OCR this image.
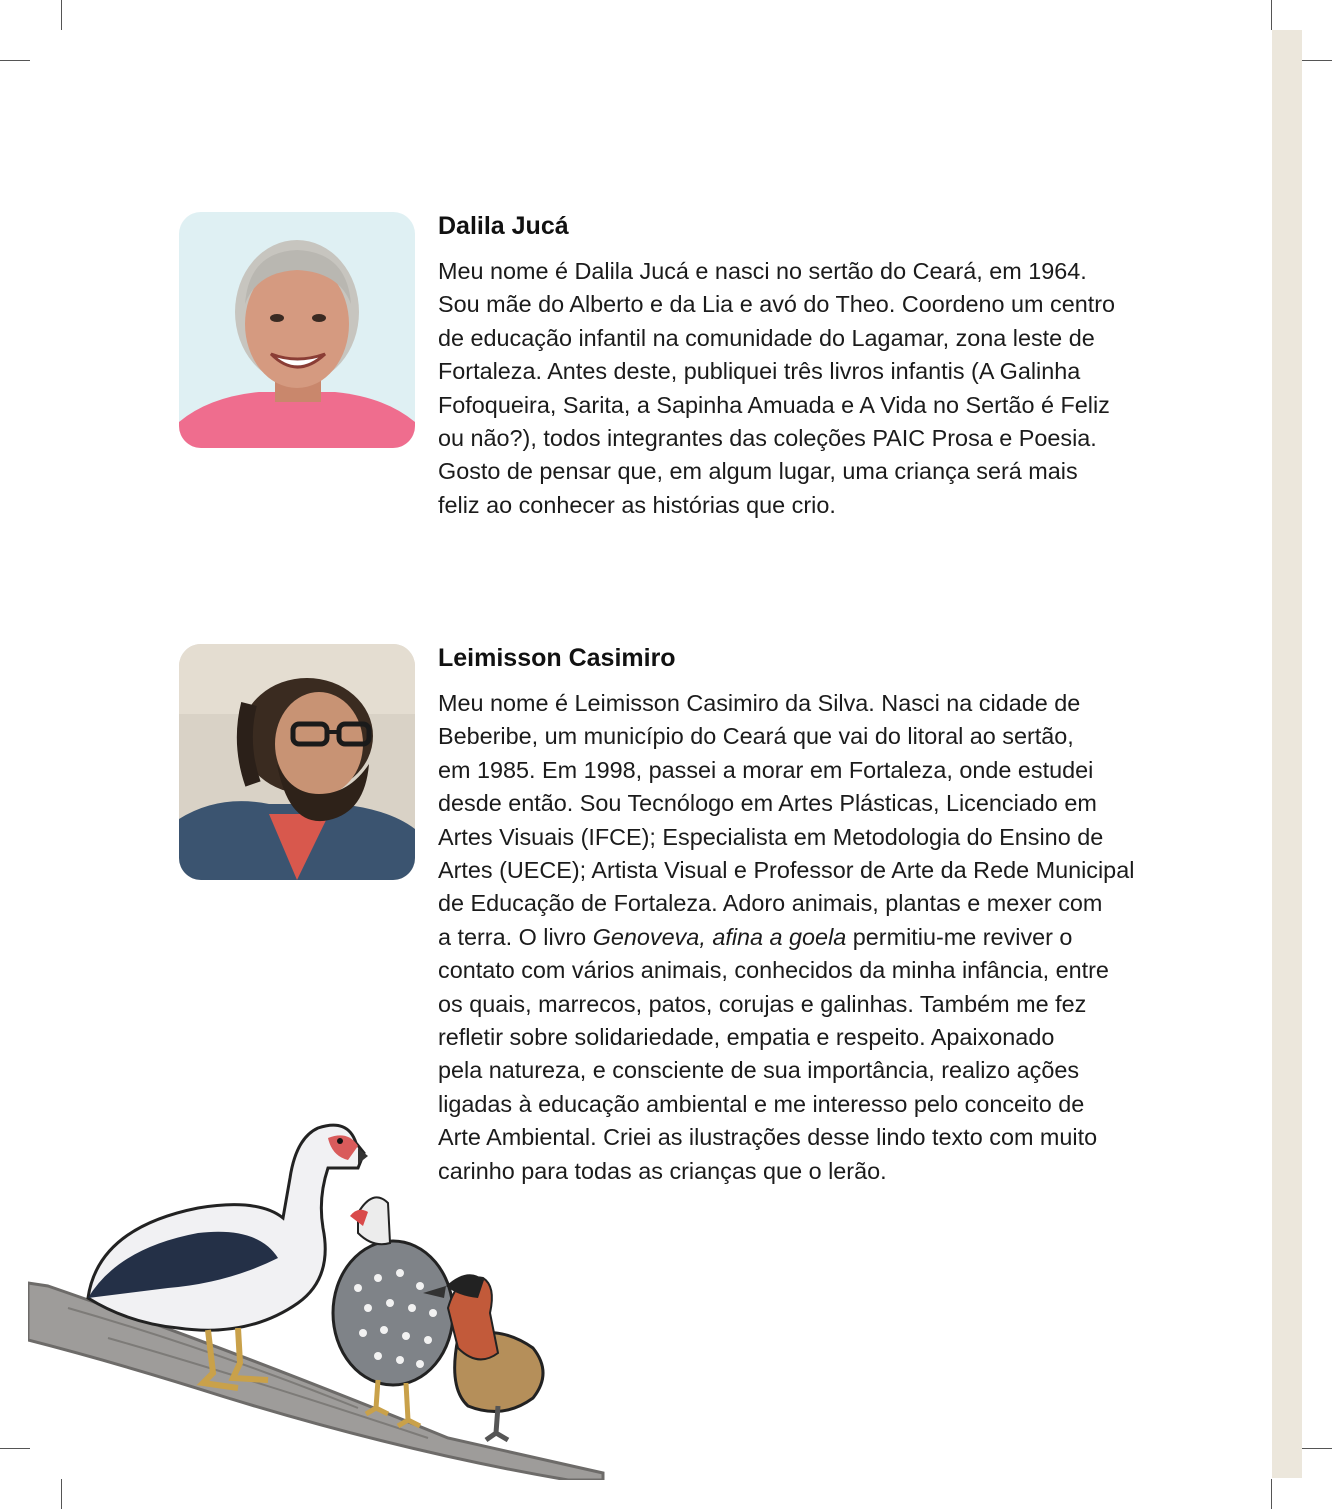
Dalila Jucá
Meu nome é Dalila Jucá e nasci no sertão do Ceará, em 1964.
Sou mãe do Alberto e da Lia e avó do Theo. Coordeno um centro
de educação infantil na comunidade do Lagamar, zona leste de
Fortaleza. Antes deste, publiquei três livros infantis (A Galinha
Fofoqueira, Sarita, a Sapinha Amuada e A Vida no Sertão é Feliz
ou não?), todos integrantes das coleções PAIC Prosa e Poesia.
Gosto de pensar que, em algum lugar, uma criança será mais
feliz ao conhecer as histórias que crio.
Leimisson Casimiro
Meu nome é Leimisson Casimiro da Silva. Nasci na cidade de
Beberibe, um município do Ceará que vai do litoral ao sertão,
em 1985. Em 1998, passei a morar em Fortaleza, onde estudei
desde então. Sou Tecnólogo em Artes Plásticas, Licenciado em
Artes Visuais (IFCE); Especialista em Metodologia do Ensino de
Artes (UECE); Artista Visual e Professor de Arte da Rede Municipal
de Educação de Fortaleza. Adoro animais, plantas e mexer com
a terra. O livro Genoveva, afina a goela permitiu-me reviver o
contato com vários animais, conhecidos da minha infância, entre
os quais, marrecos, patos, corujas e galinhas. Também me fez
refletir sobre solidariedade, empatia e respeito. Apaixonado
pela natureza, e consciente de sua importância, realizo ações
ligadas à educação ambiental e me interesso pelo conceito de
Arte Ambiental. Criei as ilustrações desse lindo texto com muito
carinho para todas as crianças que o lerão.
